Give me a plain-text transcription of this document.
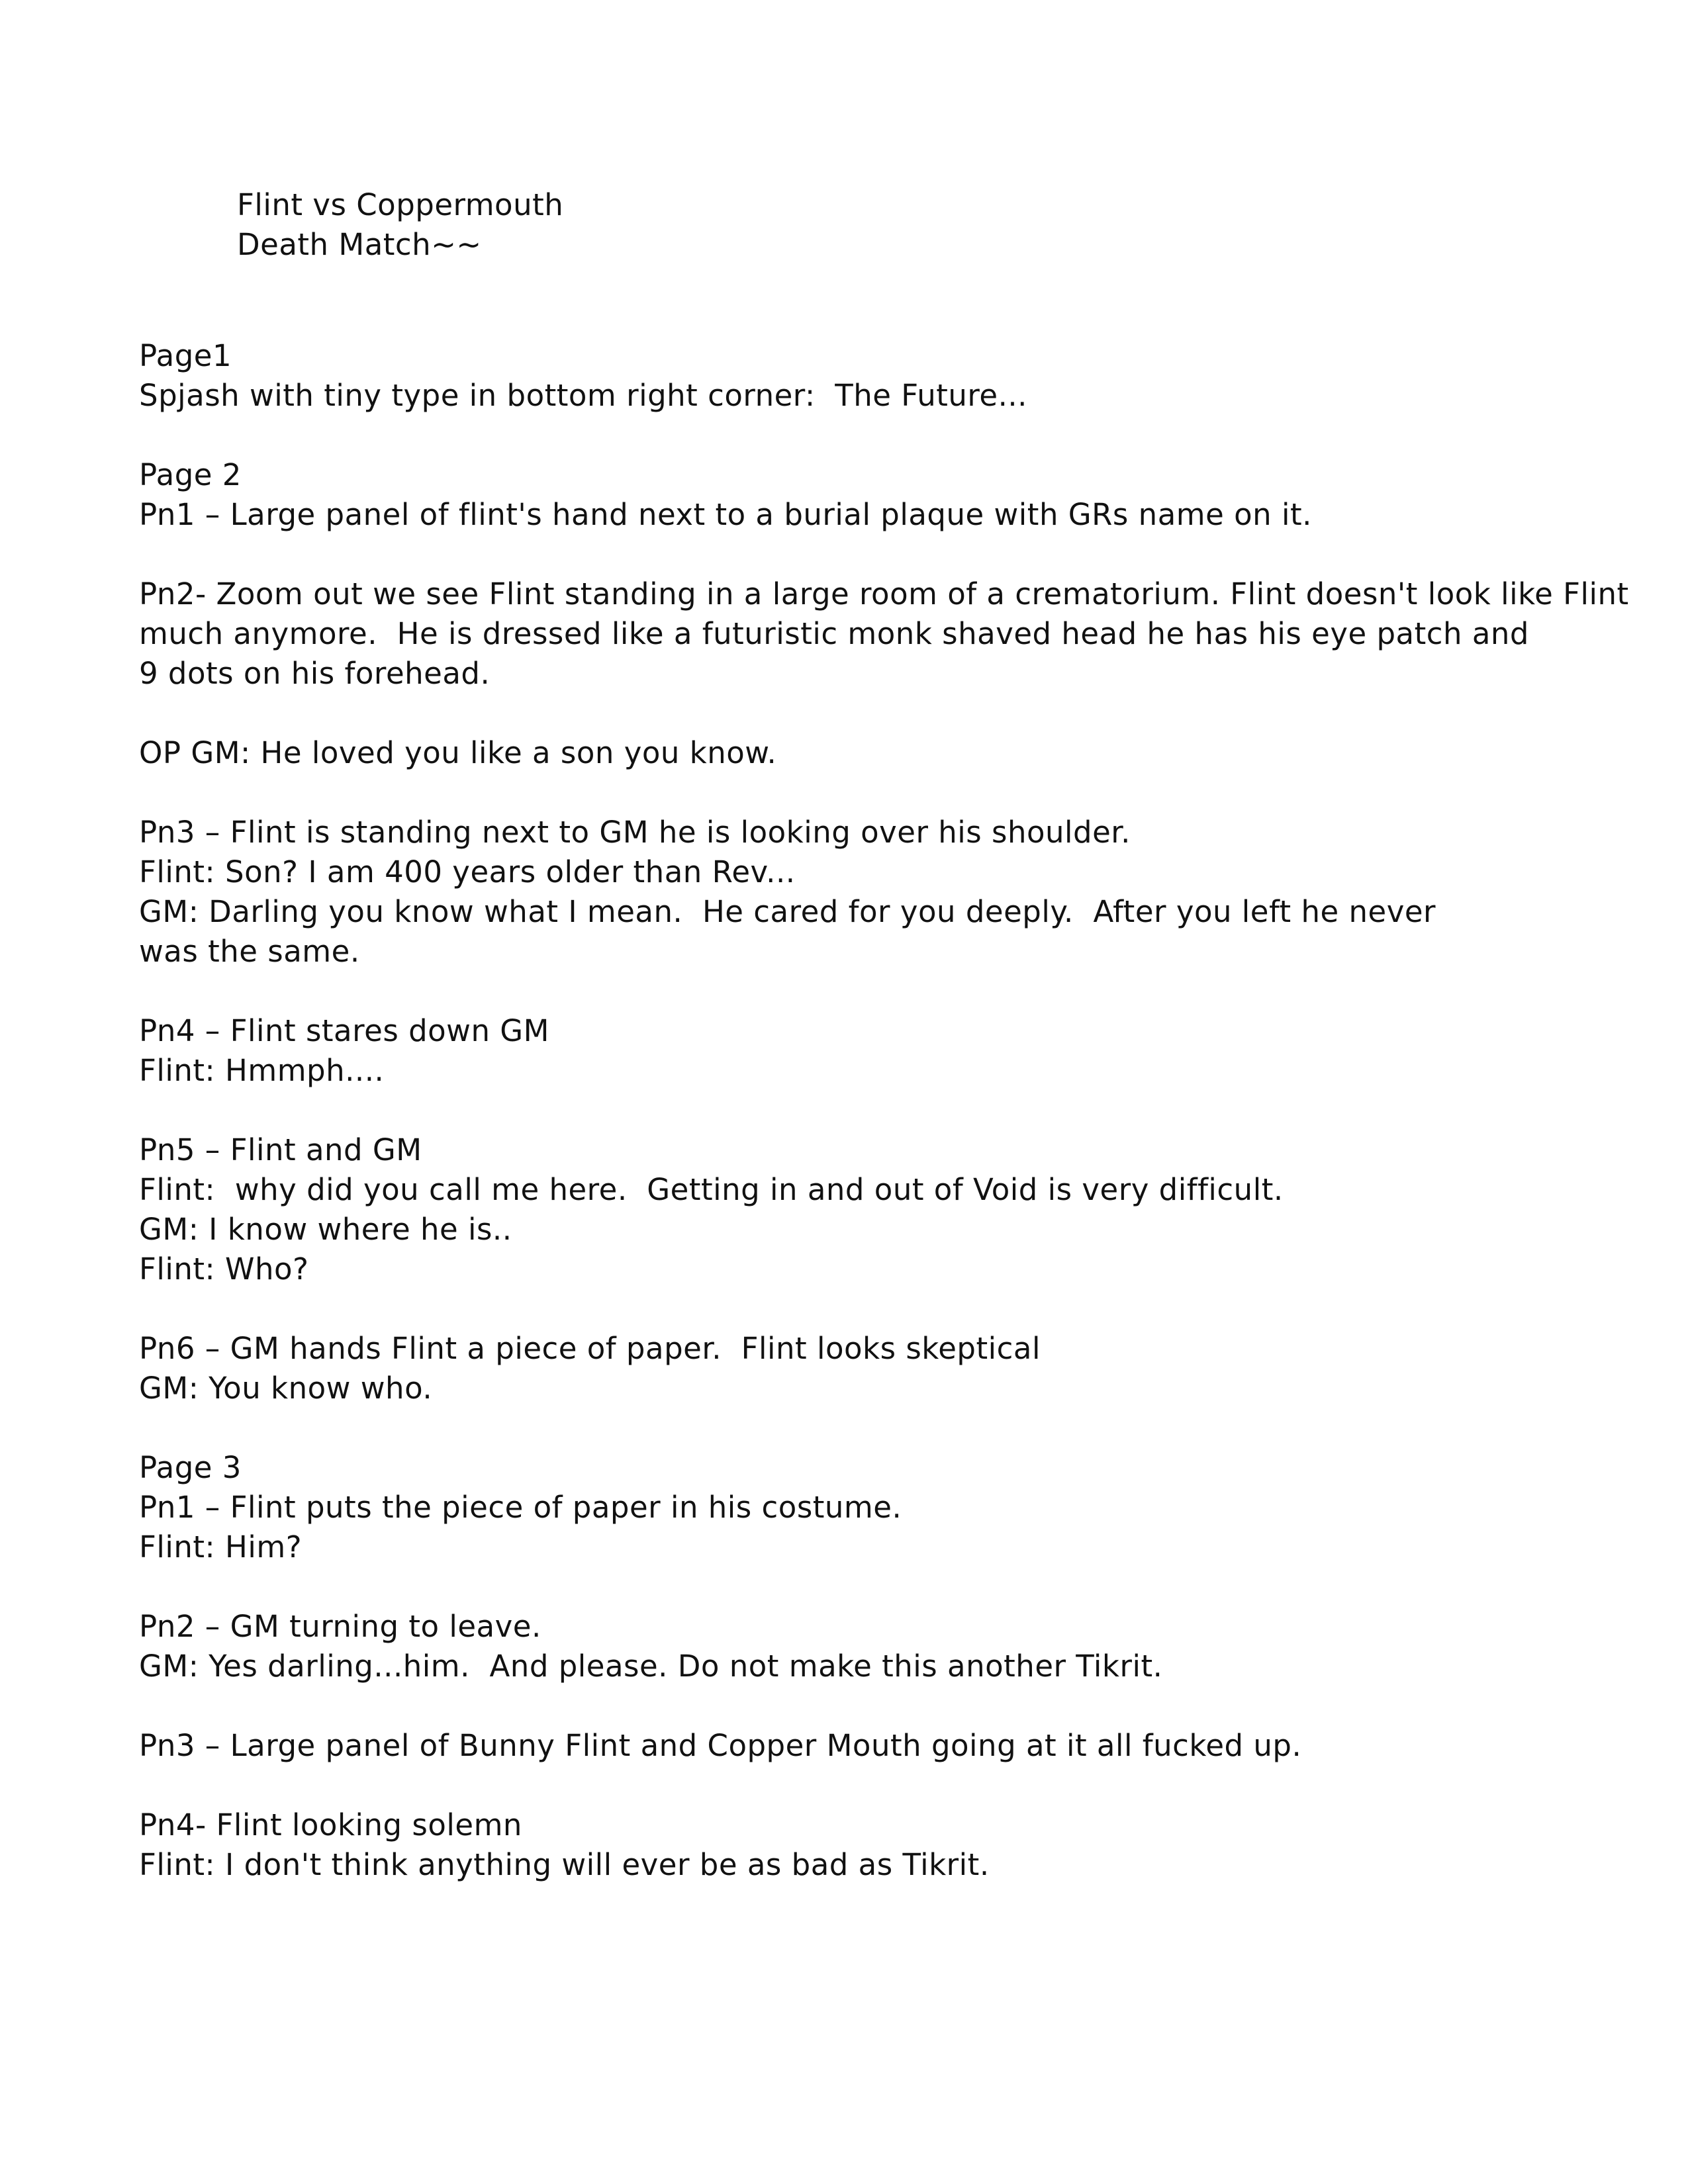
Flint vs Coppermouth
Death Match~~
Page1
Spjash with tiny type in bottom right corner:  The Future...
Page 2
Pn1 – Large panel of flint's hand next to a burial plaque with GRs name on it.
Pn2- Zoom out we see Flint standing in a large room of a crematorium. Flint doesn't look like Flint
much anymore.  He is dressed like a futuristic monk shaved head he has his eye patch and
9 dots on his forehead.
OP GM: He loved you like a son you know.
Pn3 – Flint is standing next to GM he is looking over his shoulder.
Flint: Son? I am 400 years older than Rev...
GM: Darling you know what I mean.  He cared for you deeply.  After you left he never
was the same.
Pn4 – Flint stares down GM
Flint: Hmmph....
Pn5 – Flint and GM
Flint:  why did you call me here.  Getting in and out of Void is very difficult.
GM: I know where he is..
Flint: Who?
Pn6 – GM hands Flint a piece of paper.  Flint looks skeptical
GM: You know who.
Page 3
Pn1 – Flint puts the piece of paper in his costume.
Flint: Him?
Pn2 – GM turning to leave.
GM: Yes darling...him.  And please. Do not make this another Tikrit.
Pn3 – Large panel of Bunny Flint and Copper Mouth going at it all fucked up.
Pn4- Flint looking solemn
Flint: I don't think anything will ever be as bad as Tikrit.
